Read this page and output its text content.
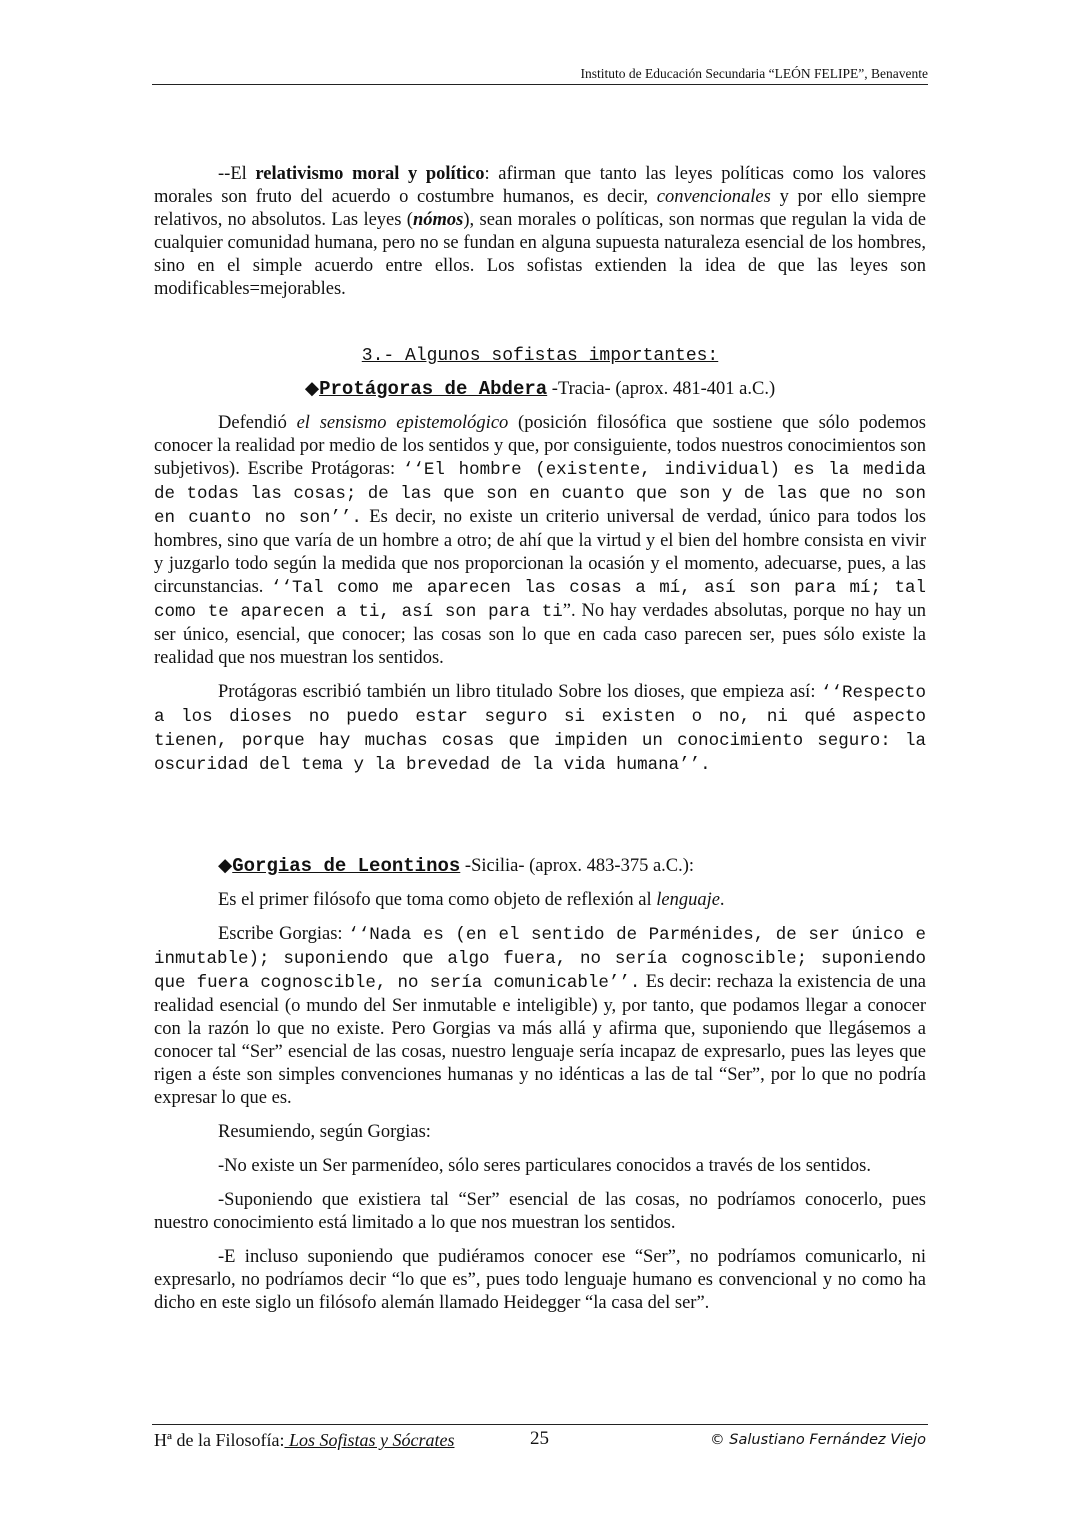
Instituto de Educación Secundaria “LEÓN FELIPE”, Benavente

--El relativismo moral y político: afirman que tanto las leyes políticas como los valores morales son fruto del acuerdo o costumbre humanos, es decir, convencionales y por ello siempre relativos, no absolutos. Las leyes (nómos), sean morales o políticas, son normas que regulan la vida de cualquier comunidad humana, pero no se fundan en alguna supuesta naturaleza esencial de los hombres, sino en el simple acuerdo entre ellos. Los sofistas extienden la idea de que las leyes son modificables=mejorables.

3.- Algunos sofistas importantes:
◆Protágoras de Abdera -Tracia- (aprox. 481-401 a.C.)

Defendió el sensismo epistemológico (posición filosófica que sostiene que sólo podemos conocer la realidad por medio de los sentidos y que, por consiguiente, todos nuestros conocimientos son subjetivos). Escribe Protágoras: ‘‘El hombre (existente, individual) es la medida de todas las cosas; de las que son en cuanto que son y de las que no son en cuanto no son’’. Es decir, no existe un criterio universal de verdad, único para todos los hombres, sino que varía de un hombre a otro; de ahí que la virtud y el bien del hombre consista en vivir y juzgarlo todo según la medida que nos proporcionan la ocasión y el momento, adecuarse, pues, a las circunstancias. ‘‘Tal como me aparecen las cosas a mí, así son para mí; tal como te aparecen a ti, así son para ti”. No hay verdades absolutas, porque no hay un ser único, esencial, que conocer; las cosas son lo que en cada caso parecen ser, pues sólo existe la realidad que nos muestran los sentidos.

Protágoras escribió también un libro titulado Sobre los dioses, que empieza así: ‘‘Respecto a los dioses no puedo estar seguro si existen o no, ni qué aspecto tienen, porque hay muchas cosas que impiden un conocimiento seguro: la oscuridad del tema y la brevedad de la vida humana’’.

◆Gorgias de Leontinos -Sicilia- (aprox. 483-375 a.C.):

Es el primer filósofo que toma como objeto de reflexión al lenguaje.

Escribe Gorgias: ‘‘Nada es (en el sentido de Parménides, de ser único e inmutable); suponiendo que algo fuera, no sería cognoscible; suponiendo que fuera cognoscible, no sería comunicable’’. Es decir: rechaza la existencia de una realidad esencial (o mundo del Ser inmutable e inteligible) y, por tanto, que podamos llegar a conocer con la razón lo que no existe. Pero Gorgias va más allá y afirma que, suponiendo que llegásemos a conocer tal “Ser” esencial de las cosas, nuestro lenguaje sería incapaz de expresarlo, pues las leyes que rigen a éste son simples convenciones humanas y no idénticas a las de tal “Ser”, por lo que no podría expresar lo que es.

Resumiendo, según Gorgias:

-No existe un Ser parmenídeo, sólo seres particulares conocidos a través de los sentidos.

-Suponiendo que existiera tal “Ser” esencial de las cosas, no podríamos conocerlo, pues nuestro conocimiento está limitado a lo que nos muestran los sentidos.

-E incluso suponiendo que pudiéramos conocer ese “Ser”, no podríamos comunicarlo, ni expresarlo, no podríamos decir “lo que es”, pues todo lenguaje humano es convencional y no como ha dicho en este siglo un filósofo alemán llamado Heidegger “la casa del ser”.

Hª de la Filosofía: Los Sofistas y Sócrates	25	© Salustiano Fernández Viejo
